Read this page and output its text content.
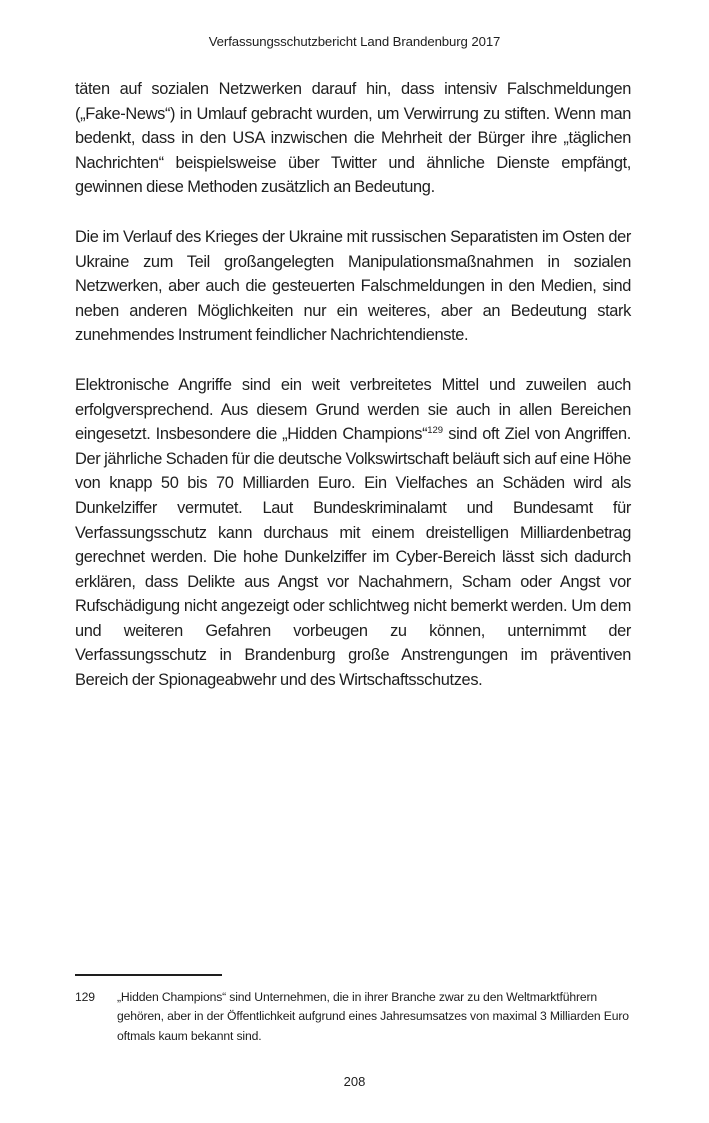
Verfassungsschutzbericht Land Brandenburg 2017

täten auf sozialen Netzwerken darauf hin, dass intensiv Falschmeldungen („Fake-News“) in Umlauf gebracht wurden, um Verwirrung zu stiften. Wenn man bedenkt, dass in den USA inzwischen die Mehrheit der Bürger ihre „täglichen Nachrichten“ beispielsweise über Twitter und ähnliche Dienste empfängt, gewinnen diese Methoden zusätzlich an Bedeutung.

Die im Verlauf des Krieges der Ukraine mit russischen Separatisten im Osten der Ukraine zum Teil großangelegten Manipulationsmaßnahmen in sozialen Netzwerken, aber auch die gesteuerten Falschmeldungen in den Medien, sind neben anderen Möglichkeiten nur ein weiteres, aber an Bedeutung stark zunehmendes Instrument feindlicher Nachrichtendienste.

Elektronische Angriffe sind ein weit verbreitetes Mittel und zuweilen auch erfolgversprechend. Aus diesem Grund werden sie auch in allen Bereichen eingesetzt. Insbesondere die „Hidden Champions“$^{129}$ sind oft Ziel von Angriffen. Der jährliche Schaden für die deutsche Volkswirtschaft beläuft sich auf eine Höhe von knapp 50 bis 70 Milliarden Euro. Ein Vielfaches an Schäden wird als Dunkelziffer vermutet. Laut Bundeskriminalamt und Bundesamt für Verfassungsschutz kann durchaus mit einem dreistelligen Milliardenbetrag gerechnet werden. Die hohe Dunkelziffer im Cyber-Bereich lässt sich dadurch erklären, dass Delikte aus Angst vor Nachahmern, Scham oder Angst vor Rufschädigung nicht angezeigt oder schlichtweg nicht bemerkt werden. Um dem und weiteren Gefahren vorbeugen zu können, unternimmt der Verfassungsschutz in Brandenburg große Anstrengungen im präventiven Bereich der Spionageabwehr und des Wirtschaftsschutzes.

129 „Hidden Champions“ sind Unternehmen, die in ihrer Branche zwar zu den Weltmarktführern gehören, aber in der Öffentlichkeit aufgrund eines Jahresumsatzes von maximal 3 Milliarden Euro oftmals kaum bekannt sind.
208
